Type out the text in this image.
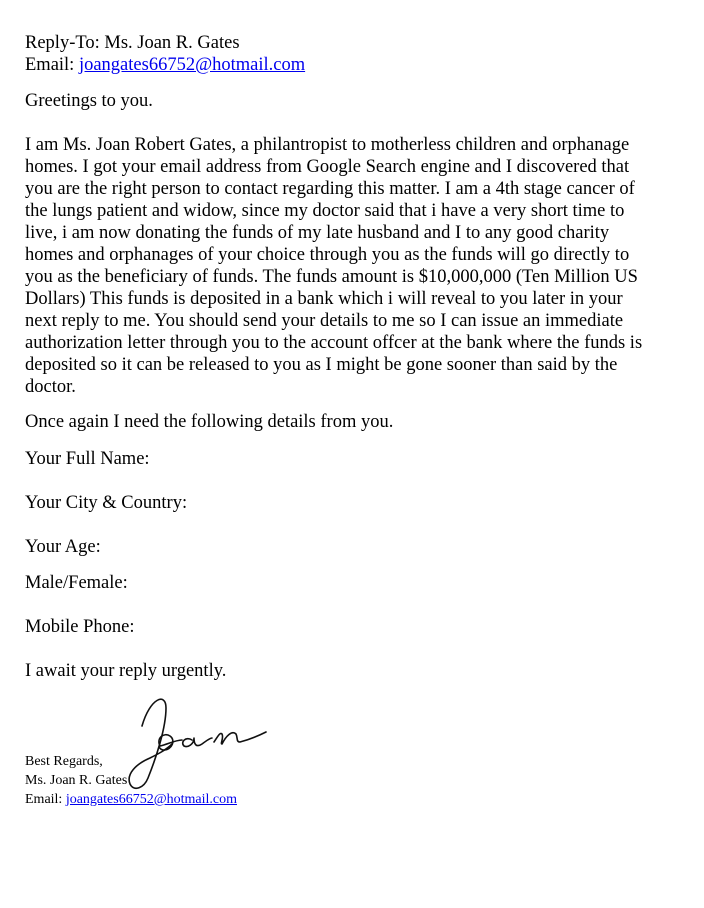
Reply-To: Ms. Joan R. Gates

Email: joangates66752@hotmail.com

Greetings to you.

I am Ms. Joan Robert Gates, a philantropist to motherless children and orphanage

homes. I got your email address from Google Search engine and I discovered that

you are the right person to contact regarding this matter. I am a 4th stage cancer of

the lungs patient and widow, since my doctor said that i have a very short time to

live, i am now donating the funds of my late husband and I to any good charity

homes and orphanages of your choice through you as the funds will go directly to

you as the beneficiary of funds. The funds amount is $10,000,000 (Ten Million US

Dollars) This funds is deposited in a bank which i will reveal to you later in your

next reply to me. You should send your details to me so I can issue an immediate

authorization letter through you to the account offcer at the bank where the funds is

deposited so it can be released to you as I might be gone sooner than said by the

doctor.

Once again I need the following details from you.

Your Full Name:

Your City & Country:

Your Age:

Male/Female:

Mobile Phone:

I await your reply urgently.

Best Regards,

Ms. Joan R. Gates

Email: joangates66752@hotmail.com
